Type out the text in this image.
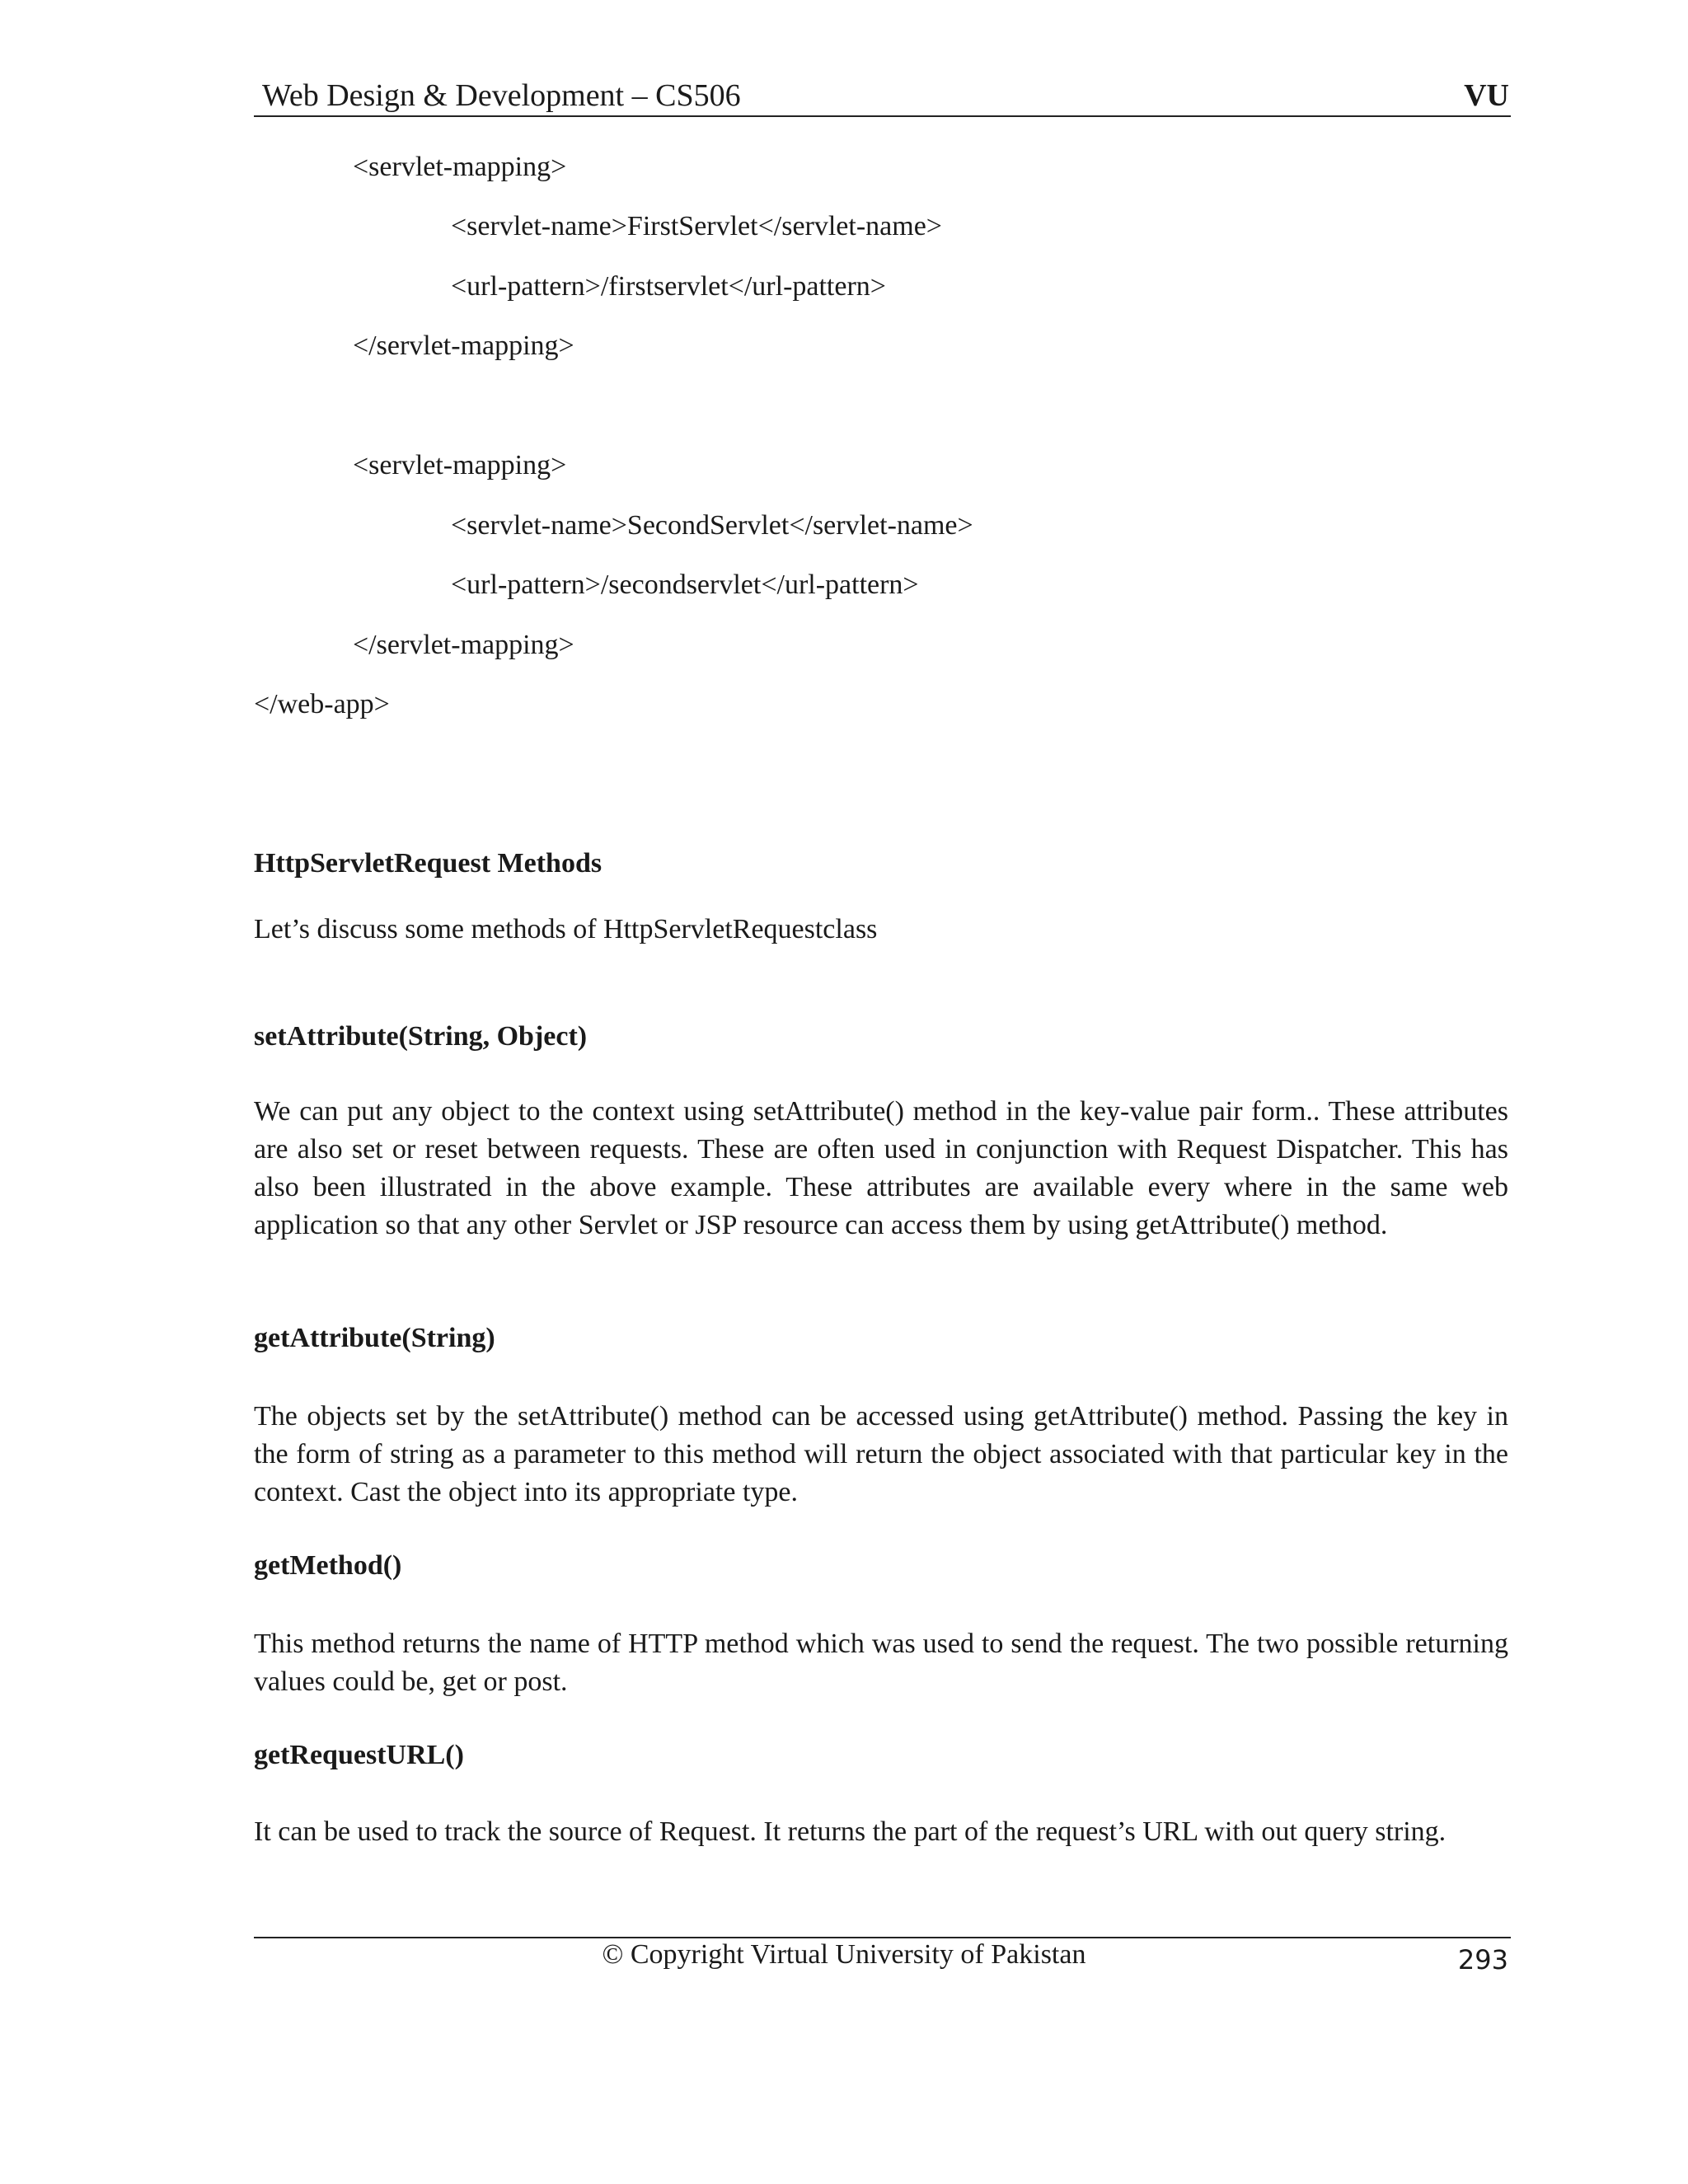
Web Design & Development – CS506	VU
<servlet-mapping>
<servlet-name>FirstServlet</servlet-name>
<url-pattern>/firstservlet</url-pattern>
</servlet-mapping>
<servlet-mapping>
<servlet-name>SecondServlet</servlet-name>
<url-pattern>/secondservlet</url-pattern>
</servlet-mapping>
</web-app>
HttpServletRequest Methods
Let’s discuss some methods of HttpServletRequestclass
setAttribute(String, Object)

We can put any object to the context using setAttribute() method in the key-value pair form.. These attributes are also set or reset between requests. These are often used in conjunction with Request Dispatcher. This has also been illustrated in the above example. These attributes are available every where in the same web application so that any other Servlet or JSP resource can access them by using getAttribute() method.

getAttribute(String)

The objects set by the setAttribute() method can be accessed using getAttribute() method. Passing the key in the form of string as a parameter to this method will return the object associated with that particular key in the context. Cast the object into its appropriate type.

getMethod()

This method returns the name of HTTP method which was used to send the request. The two possible returning values could be, get or post.

getRequestURL()
It can be used to track the source of Request. It returns the part of the request’s URL with out query string.
© Copyright Virtual University of Pakistan	293
